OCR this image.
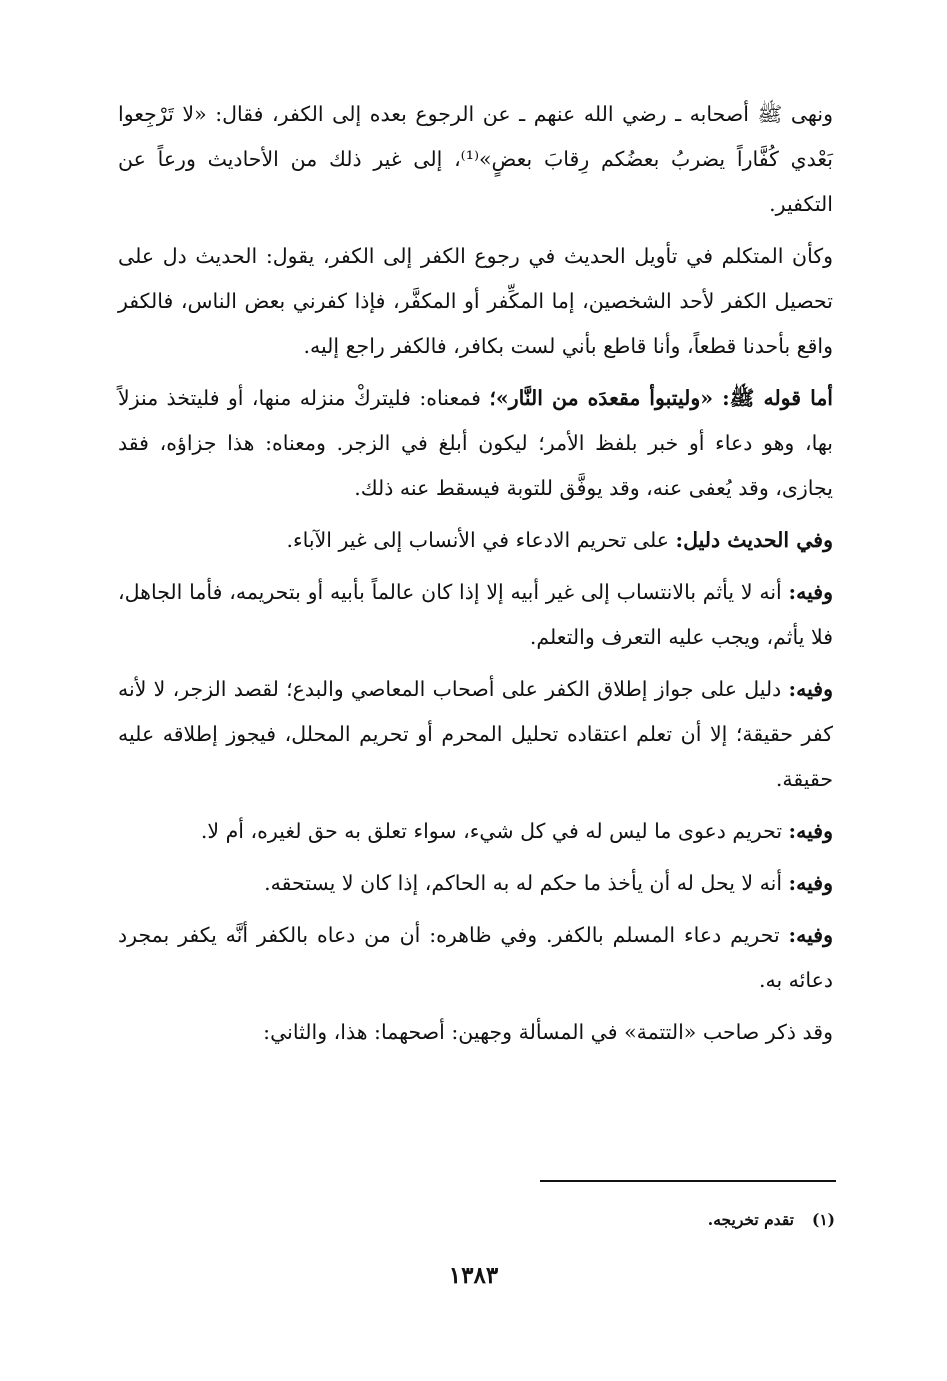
ونهى ﷺ أصحابه ـ رضي الله عنهم ـ عن الرجوع بعده إلى الكفر، فقال: «لا تَرْجِعوا بَعْدي كُفَّاراً يضربُ بعضُكم رِقابَ بعضٍ»⁽¹⁾، إلى غير ذلك من الأحاديث ورعاً عن التكفير.

وكأن المتكلم في تأويل الحديث في رجوع الكفر إلى الكفر، يقول: الحديث دل على تحصيل الكفر لأحد الشخصين، إما المكِّفر أو المكفَّر، فإذا كفرني بعض الناس، فالكفر واقع بأحدنا قطعاً، وأنا قاطع بأني لست بكافر، فالكفر راجع إليه.

أما قوله ﷺ: «وليتبوأ مقعدَه من النَّار»؛ فمعناه: فليتركْ منزله منها، أو فليتخذ منزلاً بها، وهو دعاء أو خبر بلفظ الأمر؛ ليكون أبلغ في الزجر. ومعناه: هذا جزاؤه، فقد يجازى، وقد يُعفى عنه، وقد يوفَّق للتوبة فيسقط عنه ذلك.

وفي الحديث دليل: على تحريم الادعاء في الأنساب إلى غير الآباء.

وفيه: أنه لا يأثم بالانتساب إلى غير أبيه إلا إذا كان عالماً بأبيه أو بتحريمه، فأما الجاهل، فلا يأثم، ويجب عليه التعرف والتعلم.

وفيه: دليل على جواز إطلاق الكفر على أصحاب المعاصي والبدع؛ لقصد الزجر، لا لأنه كفر حقيقة؛ إلا أن تعلم اعتقاده تحليل المحرم أو تحريم المحلل، فيجوز إطلاقه عليه حقيقة.

وفيه: تحريم دعوى ما ليس له في كل شيء، سواء تعلق به حق لغيره، أم لا.

وفيه: أنه لا يحل له أن يأخذ ما حكم له به الحاكم، إذا كان لا يستحقه.

وفيه: تحريم دعاء المسلم بالكفر. وفي ظاهره: أن من دعاه بالكفر أنَّه يكفر بمجرد دعائه به.

وقد ذكر صاحب «التتمة» في المسألة وجهين: أصحهما: هذا، والثاني:

(١)تقدم تخريجه.
١٣٨٣
